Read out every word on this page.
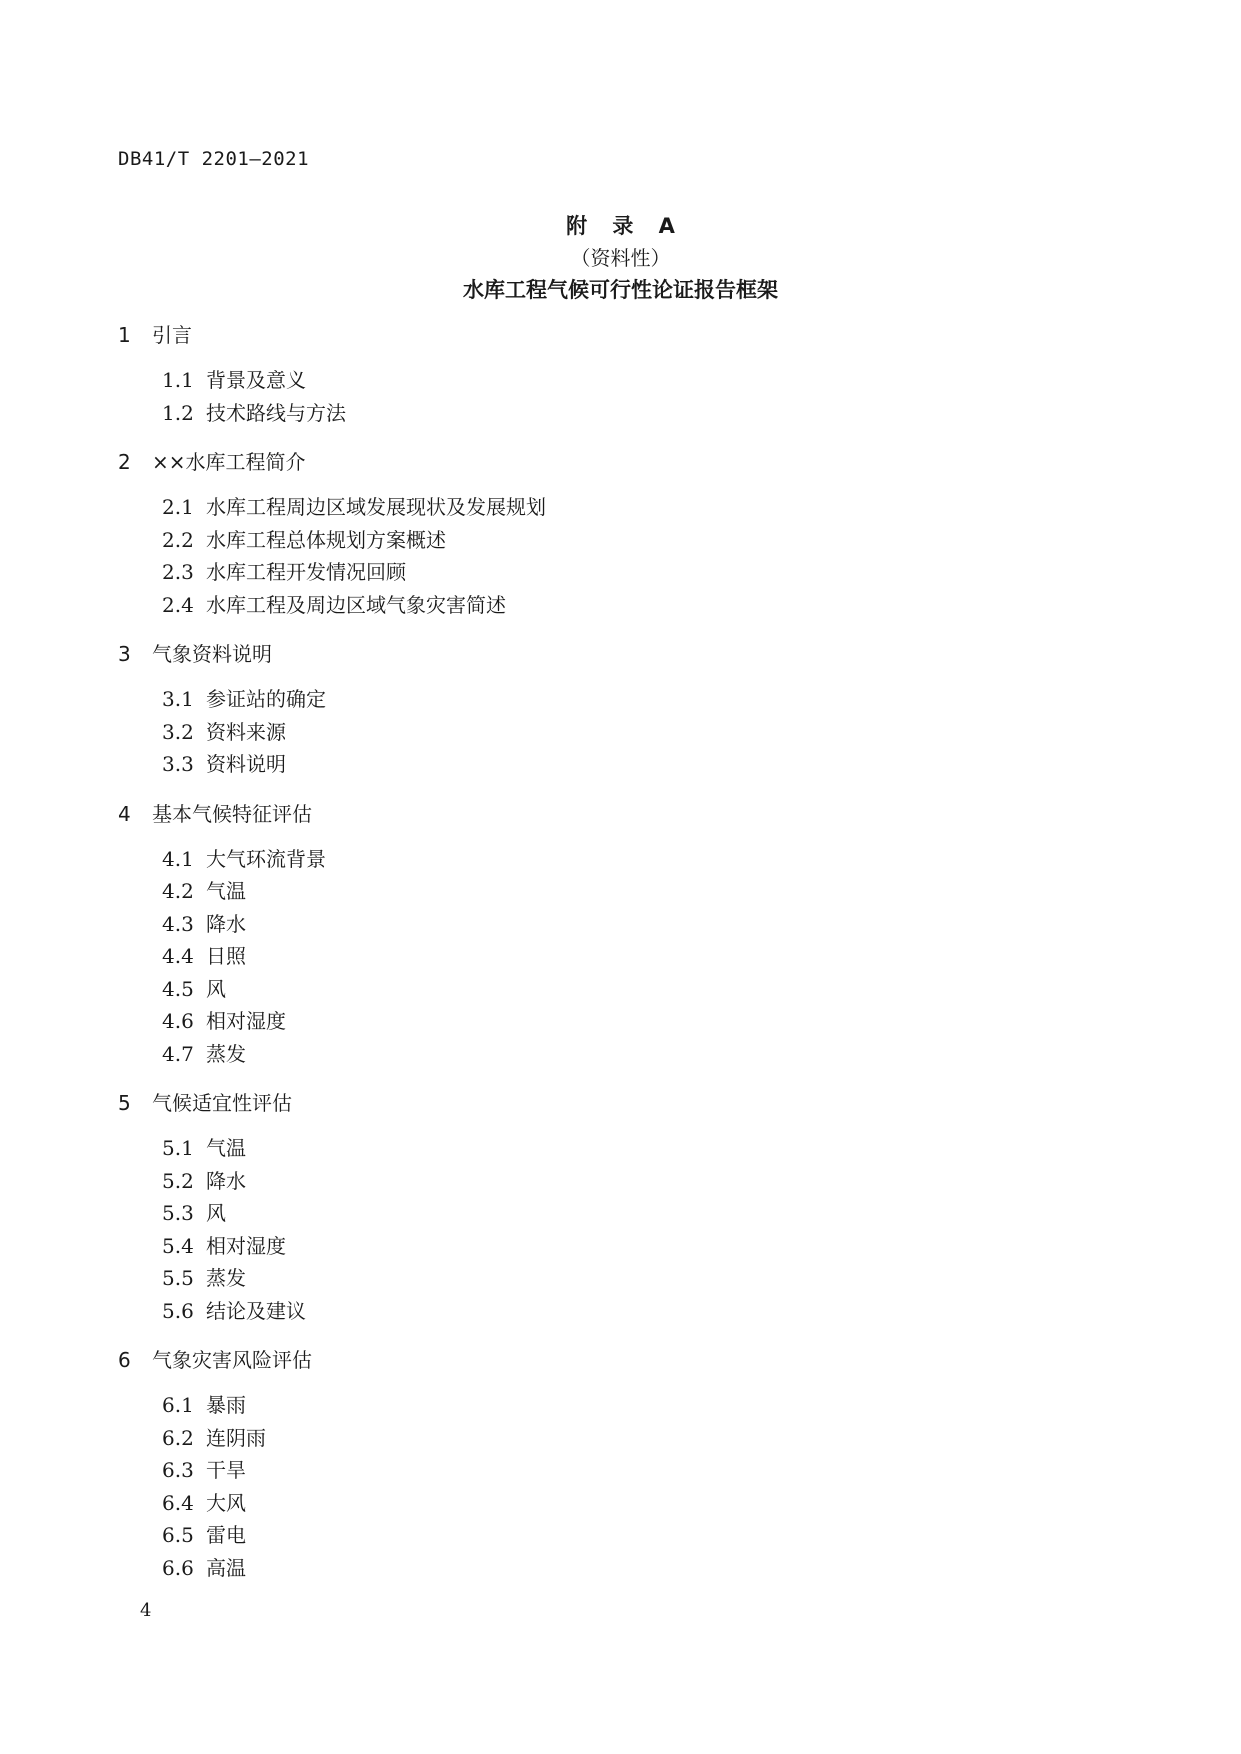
DB41/T 2201—2021
附 录 A
（资料性）
水库工程气候可行性论证报告框架
1 引言
1.1 背景及意义
1.2 技术路线与方法
2 ××水库工程简介
2.1 水库工程周边区域发展现状及发展规划
2.2 水库工程总体规划方案概述
2.3 水库工程开发情况回顾
2.4 水库工程及周边区域气象灾害简述
3 气象资料说明
3.1 参证站的确定
3.2 资料来源
3.3 资料说明
4 基本气候特征评估
4.1 大气环流背景
4.2 气温
4.3 降水
4.4 日照
4.5 风
4.6 相对湿度
4.7 蒸发
5 气候适宜性评估
5.1 气温
5.2 降水
5.3 风
5.4 相对湿度
5.5 蒸发
5.6 结论及建议
6 气象灾害风险评估
6.1 暴雨
6.2 连阴雨
6.3 干旱
6.4 大风
6.5 雷电
6.6 高温
4
